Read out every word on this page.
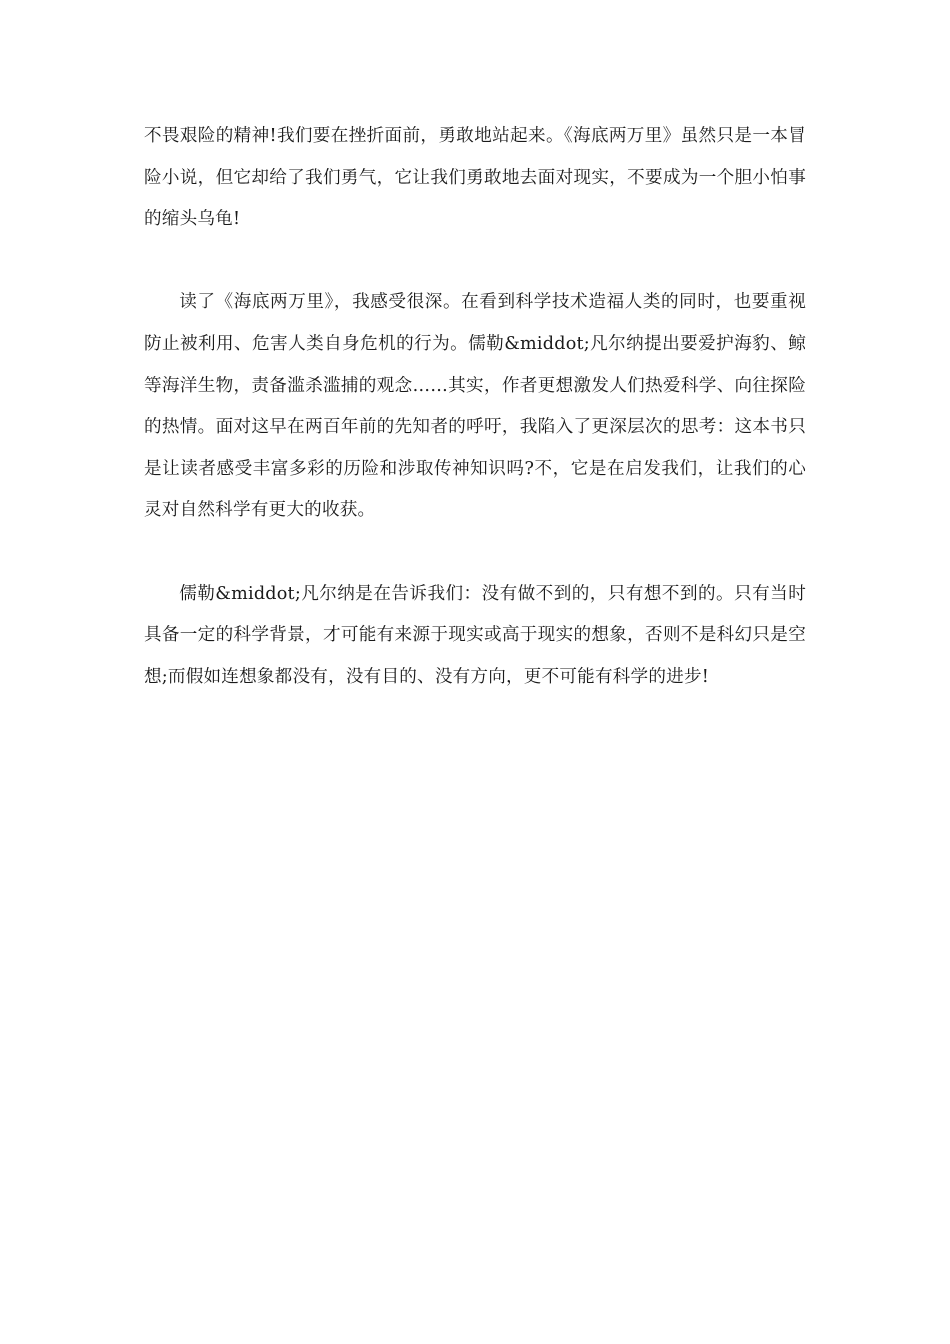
不畏艰险的精神!我们要在挫折面前，勇敢地站起来。《海底两万里》虽然只是一本冒险小说，但它却给了我们勇气，它让我们勇敢地去面对现实，不要成为一个胆小怕事的缩头乌龟!

读了《海底两万里》，我感受很深。在看到科学技术造福人类的同时，也要重视防止被利用、危害人类自身危机的行为。儒勒&middot;凡尔纳提出要爱护海豹、鲸等海洋生物，责备滥杀滥捕的观念……其实，作者更想激发人们热爱科学、向往探险的热情。面对这早在两百年前的先知者的呼吁，我陷入了更深层次的思考：这本书只是让读者感受丰富多彩的历险和涉取传神知识吗?不，它是在启发我们，让我们的心灵对自然科学有更大的收获。

儒勒&middot;凡尔纳是在告诉我们：没有做不到的，只有想不到的。只有当时具备一定的科学背景，才可能有来源于现实或高于现实的想象，否则不是科幻只是空想;而假如连想象都没有，没有目的、没有方向，更不可能有科学的进步!
